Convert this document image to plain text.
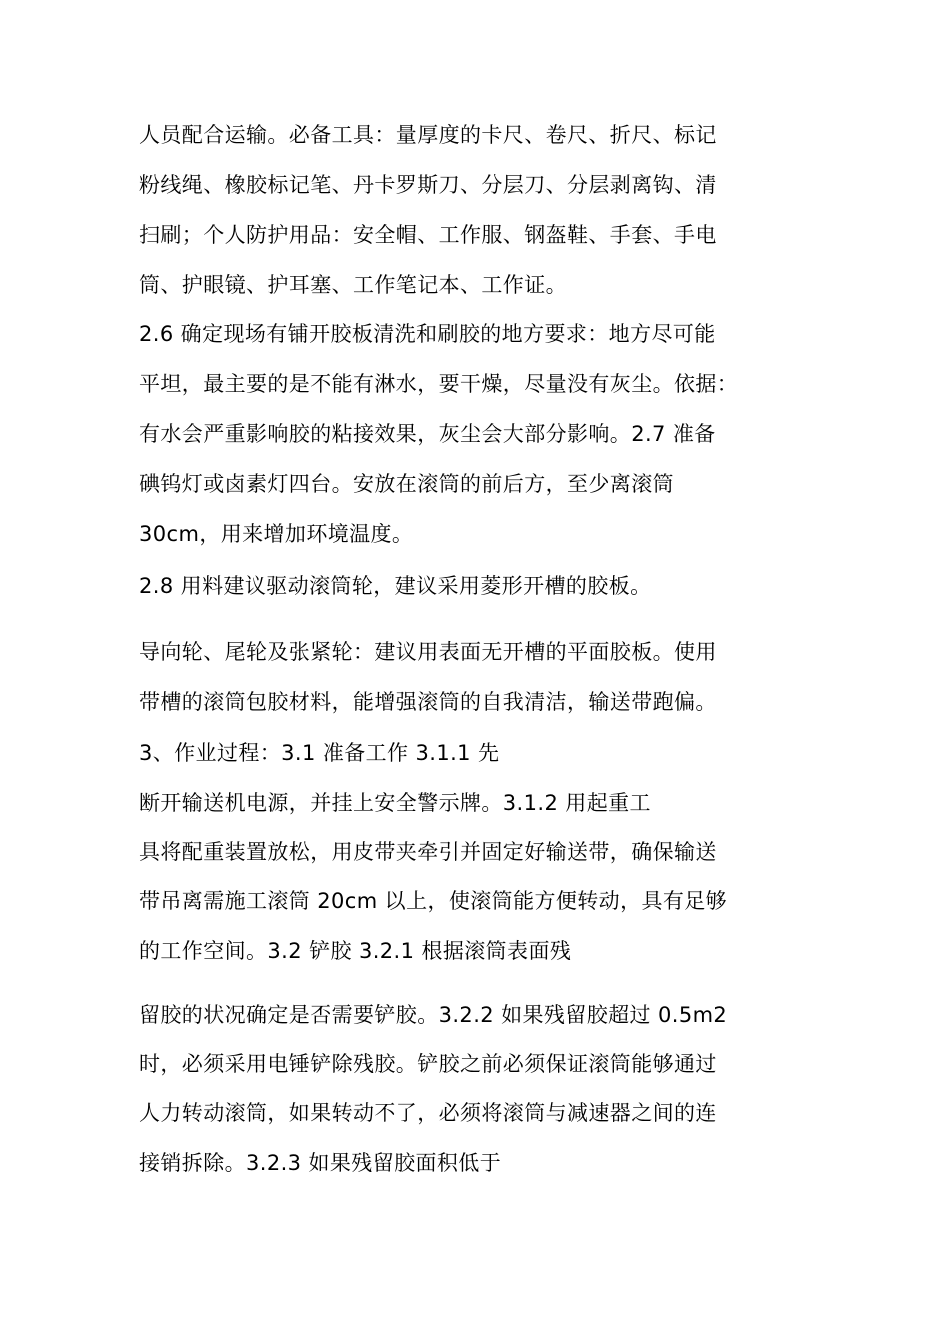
人员配合运输。必备工具：量厚度的卡尺、卷尺、折尺、标记
粉线绳、橡胶标记笔、丹卡罗斯刀、分层刀、分层剥离钩、清
扫刷；个人防护用品：安全帽、工作服、钢盔鞋、手套、手电
筒、护眼镜、护耳塞、工作笔记本、工作证。
2.6 确定现场有铺开胶板清洗和刷胶的地方要求：地方尽可能
平坦，最主要的是不能有淋水，要干燥，尽量没有灰尘。依据：
有水会严重影响胶的粘接效果，灰尘会大部分影响。2.7 准备
碘钨灯或卤素灯四台。安放在滚筒的前后方，至少离滚筒
30cm，用来增加环境温度。
2.8 用料建议驱动滚筒轮，建议采用菱形开槽的胶板。
导向轮、尾轮及张紧轮：建议用表面无开槽的平面胶板。使用
带槽的滚筒包胶材料，能增强滚筒的自我清洁，输送带跑偏。
3、作业过程：3.1 准备工作 3.1.1 先
断开输送机电源，并挂上安全警示牌。3.1.2 用起重工
具将配重装置放松，用皮带夹牵引并固定好输送带，确保输送
带吊离需施工滚筒 20cm 以上，使滚筒能方便转动，具有足够
的工作空间。3.2 铲胶 3.2.1 根据滚筒表面残
留胶的状况确定是否需要铲胶。3.2.2 如果残留胶超过 0.5m2
时，必须采用电锤铲除残胶。铲胶之前必须保证滚筒能够通过
人力转动滚筒，如果转动不了，必须将滚筒与减速器之间的连
接销拆除。3.2.3 如果残留胶面积低于
